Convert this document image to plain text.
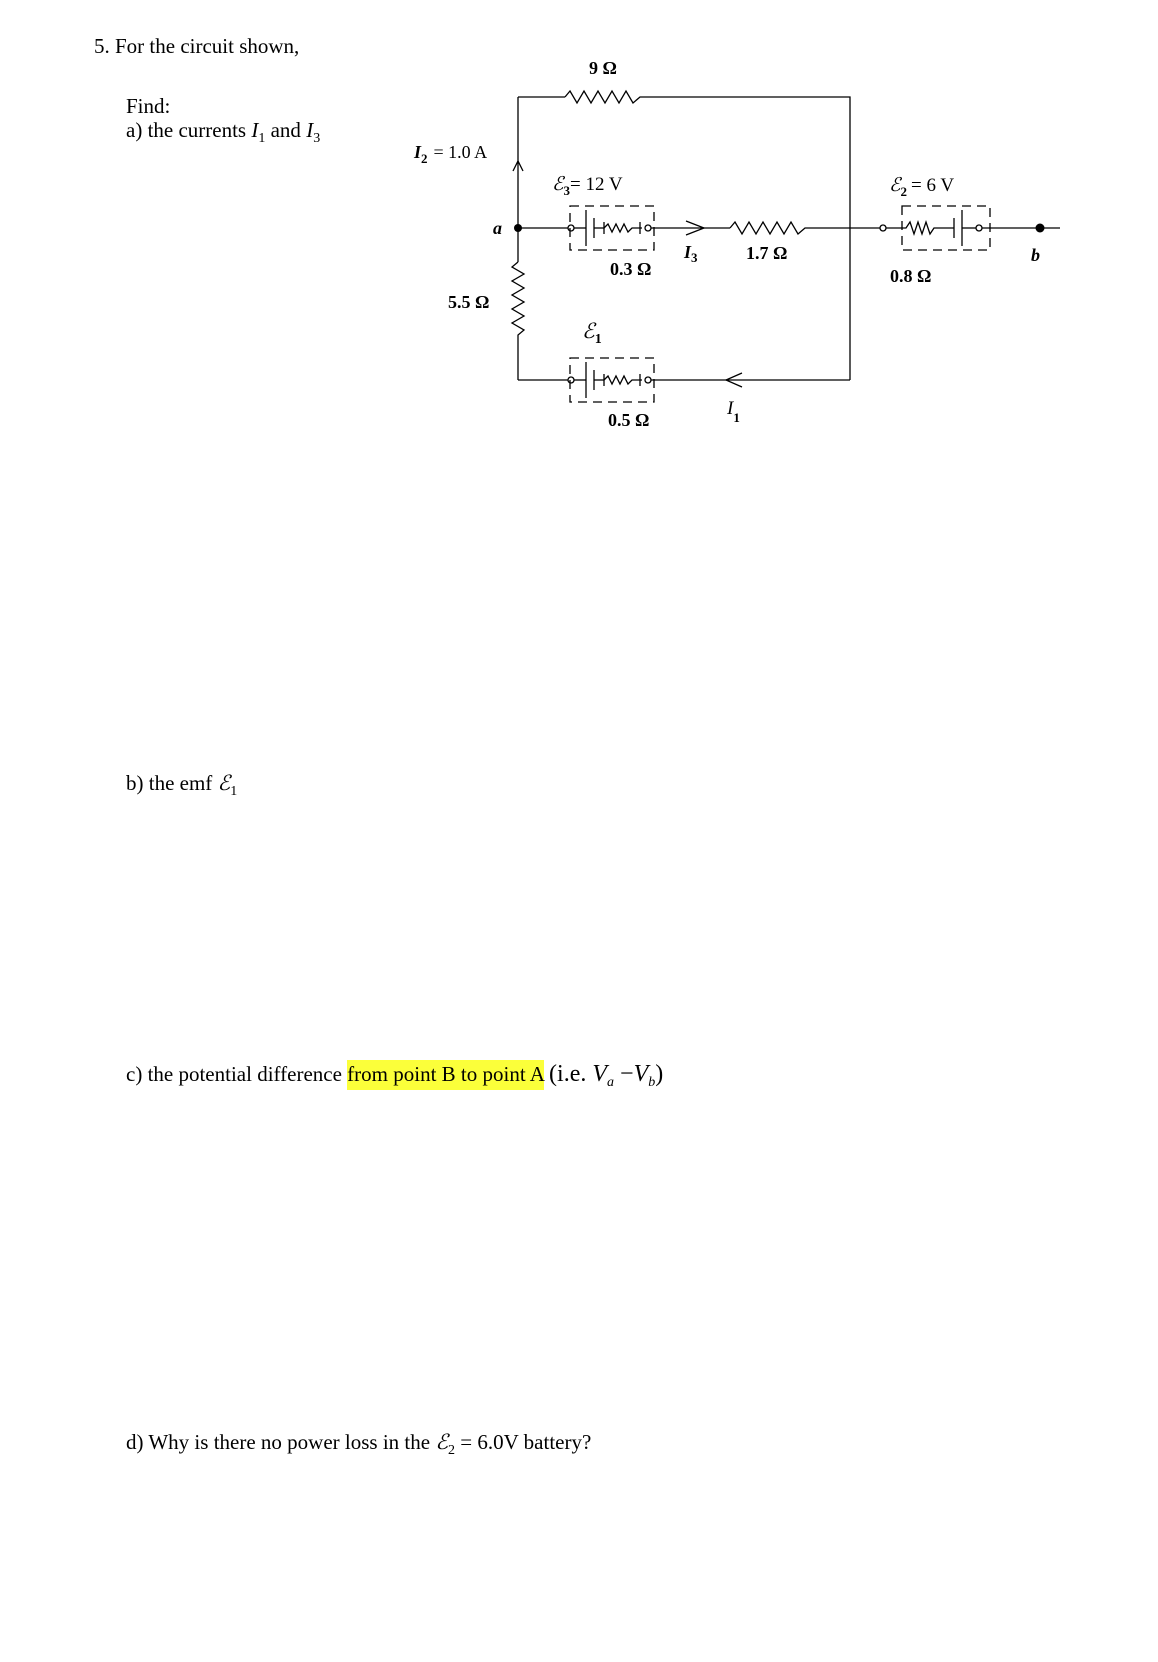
5. For the circuit shown,
Find:
a) the currents $I_1$ and $I_3$
b) the emf ℰ$_1$
c) the potential difference from point B to point A (i.e. $V_a -V_b$)
d) Why is there no power loss in the ℰ$_2$ = 6.0V battery?
9 Ω
$I_2 = 1.0$ A
ℰ$_3$= 12 V
a
b
0.3 Ω
$I_3$	1.7 Ω
ℰ$_2$ = 6 V
0.8 Ω
5.5 Ω
ℰ$_1$
0.5 Ω
$I_1$
